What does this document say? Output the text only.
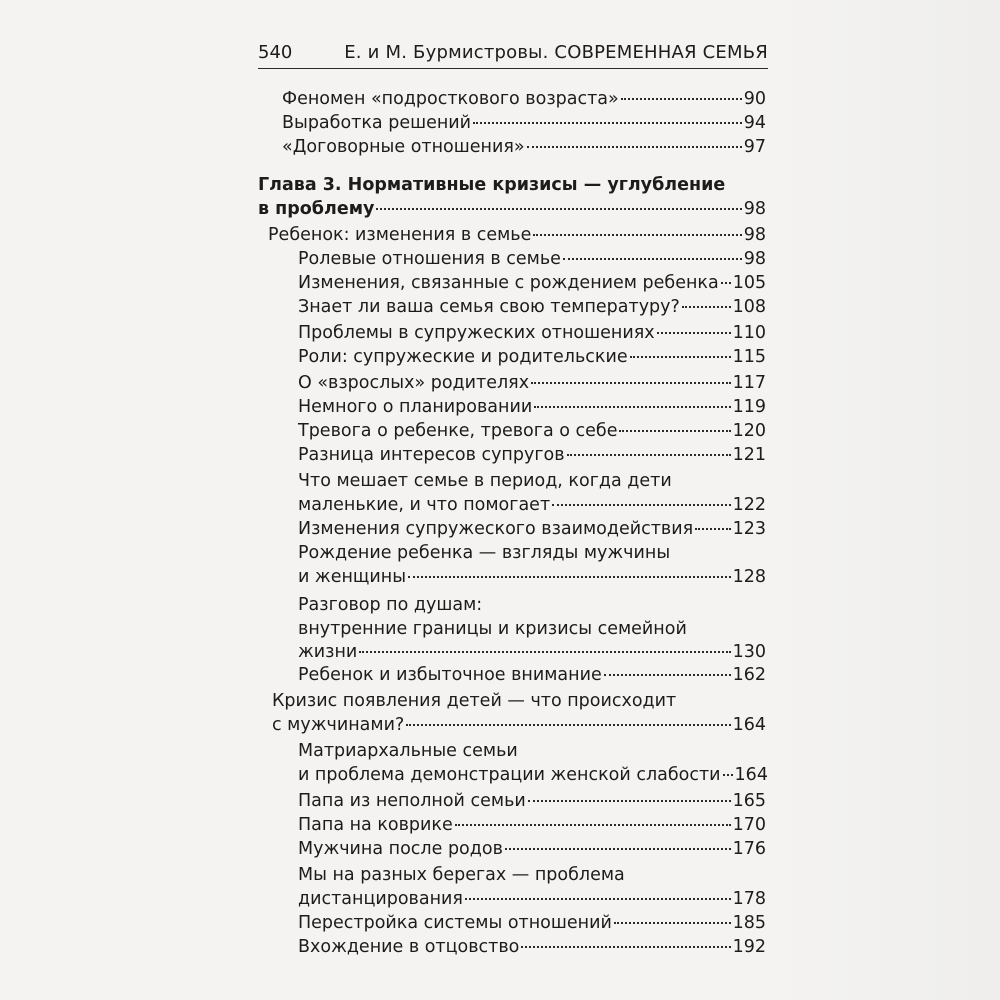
540	Е. и М. Бурмистровы. СОВРЕМЕННАЯ СЕМЬЯ
Феномен «подросткового возраста»	90
Выработка решений	94
«Договорные отношения»	97
Глава 3. Нормативные кризисы — углубление
в проблему	98
Ребенок: изменения в семье	98
Ролевые отношения в семье	98
Изменения, связанные с рождением ребенка 105
Знает ли ваша семья свою температуру?	108
Проблемы в супружеских отношениях	110
Роли: супружеские и родительские	115
О «взрослых» родителях	117
Немного о планировании	119
Тревога о ребенке, тревога о себе	120
Разница интересов супругов	121
Что мешает семье в период, когда дети
маленькие, и что помогает	122
Изменения супружеского взаимодействия 123
Рождение ребенка — взгляды мужчины
и женщины	128
Разговор по душам:
внутренние границы и кризисы семейной
жизни	130
Ребенок и избыточное внимание	162
Кризис появления детей — что происходит
с мужчинами?	164
Матриархальные семьи
и проблема демонстрации женской слабости 164
Папа из неполной семьи	165
Папа на коврике	170
Мужчина после родов	176
Мы на разных берегах — проблема
дистанцирования	178
Перестройка системы отношений	185
Вхождение в отцовство	192
